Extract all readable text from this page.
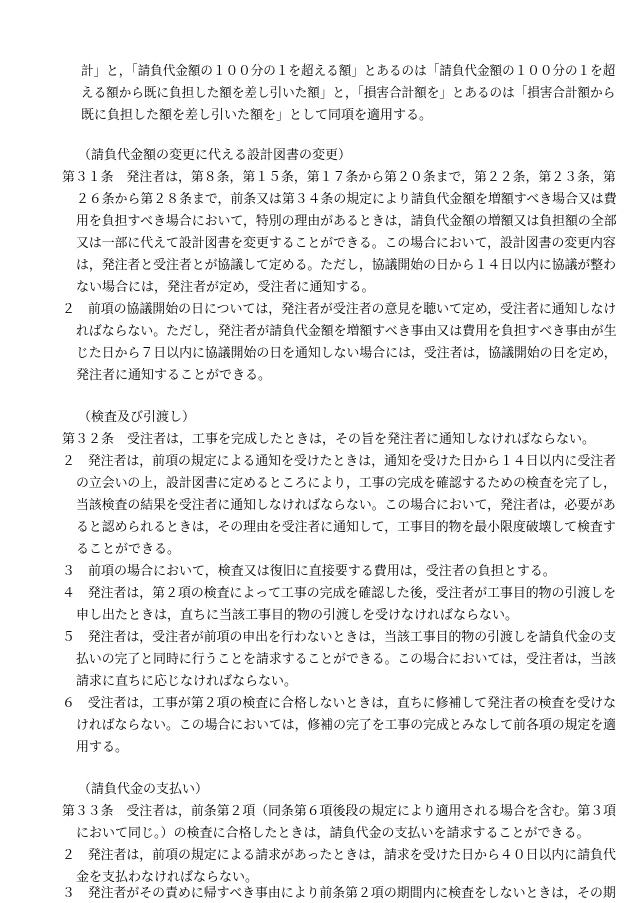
計」と，「請負代金額の１００分の１を超える額」とあるのは「請負代金額の１００分の１を超
える額から既に負担した額を差し引いた額」と，「損害合計額を」とあるのは「損害合計額から
既に負担した額を差し引いた額を」として同項を適用する。
（請負代金額の変更に代える設計図書の変更）
第３１条　発注者は，第８条，第１５条，第１７条から第２０条まで，第２２条，第２３条，第
２６条から第２８条まで，前条又は第３４条の規定により請負代金額を増額すべき場合又は費
用を負担すべき場合において，特別の理由があるときは，請負代金額の増額又は負担額の全部
又は一部に代えて設計図書を変更することができる。この場合において，設計図書の変更内容
は，発注者と受注者とが協議して定める。ただし，協議開始の日から１４日以内に協議が整わ
ない場合には，発注者が定め，受注者に通知する。
２　前項の協議開始の日については，発注者が受注者の意見を聴いて定め，受注者に通知しなけ
ればならない。ただし，発注者が請負代金額を増額すべき事由又は費用を負担すべき事由が生
じた日から７日以内に協議開始の日を通知しない場合には，受注者は，協議開始の日を定め，
発注者に通知することができる。
（検査及び引渡し）
第３２条　受注者は，工事を完成したときは，その旨を発注者に通知しなければならない。
２　発注者は，前項の規定による通知を受けたときは，通知を受けた日から１４日以内に受注者
の立会いの上，設計図書に定めるところにより，工事の完成を確認するための検査を完了し，
当該検査の結果を受注者に通知しなければならない。この場合において，発注者は，必要があ
ると認められるときは，その理由を受注者に通知して，工事目的物を最小限度破壊して検査す
ることができる。
３　前項の場合において，検査又は復旧に直接要する費用は，受注者の負担とする。
４　発注者は，第２項の検査によって工事の完成を確認した後，受注者が工事目的物の引渡しを
申し出たときは，直ちに当該工事目的物の引渡しを受けなければならない。
５　発注者は，受注者が前項の申出を行わないときは，当該工事目的物の引渡しを請負代金の支
払いの完了と同時に行うことを請求することができる。この場合においては，受注者は，当該
請求に直ちに応じなければならない。
６　受注者は，工事が第２項の検査に合格しないときは，直ちに修補して発注者の検査を受けな
ければならない。この場合においては，修補の完了を工事の完成とみなして前各項の規定を適
用する。
（請負代金の支払い）
第３３条　受注者は，前条第２項（同条第６項後段の規定により適用される場合を含む。第３項
において同じ。）の検査に合格したときは，請負代金の支払いを請求することができる。
２　発注者は，前項の規定による請求があったときは，請求を受けた日から４０日以内に請負代
金を支払わなければならない。
３　発注者がその責めに帰すべき事由により前条第２項の期間内に検査をしないときは，その期
